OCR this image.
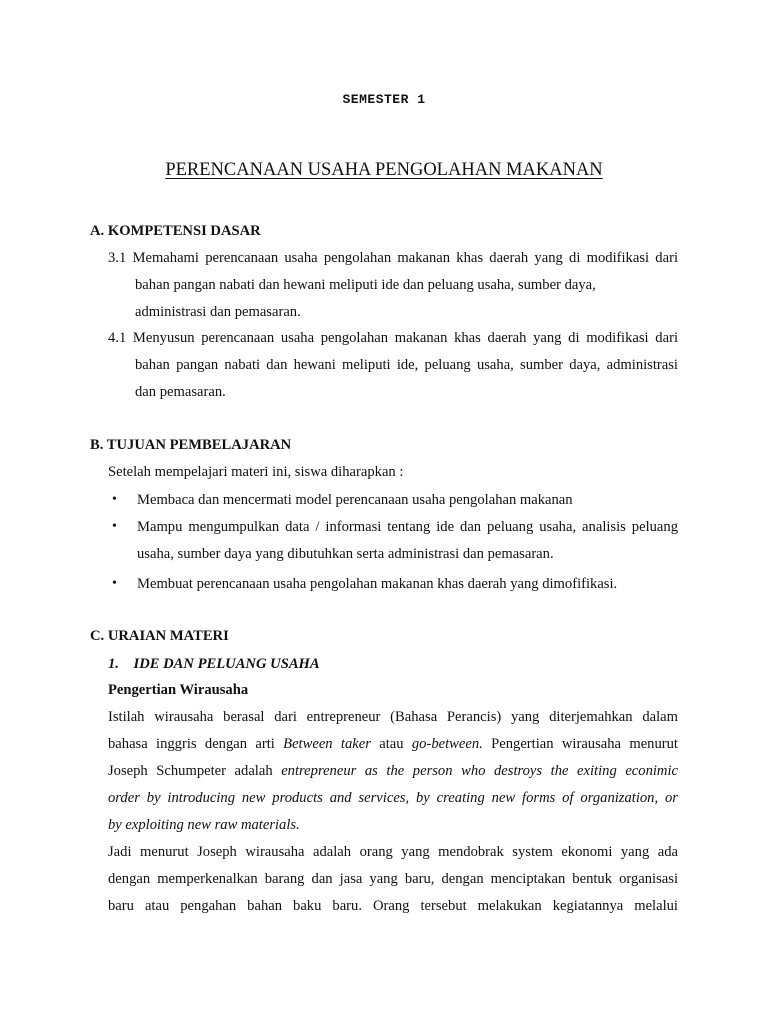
SEMESTER 1
PERENCANAAN USAHA PENGOLAHAN MAKANAN
A. KOMPETENSI DASAR
3.1 Memahami perencanaan usaha pengolahan makanan khas daerah yang di modifikasi dari
bahan pangan nabati dan hewani meliputi ide dan peluang usaha, sumber daya,
administrasi dan pemasaran.
4.1 Menyusun perencanaan usaha pengolahan makanan khas daerah yang di modifikasi dari
bahan pangan nabati dan hewani meliputi ide, peluang usaha, sumber daya, administrasi
dan pemasaran.
B. TUJUAN PEMBELAJARAN
Setelah mempelajari materi ini, siswa diharapkan :
• Membaca dan mencermati model perencanaan usaha pengolahan makanan
• Mampu mengumpulkan data / informasi tentang ide dan peluang usaha, analisis peluang
usaha, sumber daya yang dibutuhkan serta administrasi dan pemasaran.
• Membuat perencanaan usaha pengolahan makanan khas daerah yang dimofifikasi.
C. URAIAN MATERI
1.    IDE DAN PELUANG USAHA
Pengertian Wirausaha
Istilah wirausaha berasal dari entrepreneur (Bahasa Perancis) yang diterjemahkan dalam
bahasa inggris dengan arti Between taker atau go-between. Pengertian wirausaha menurut
Joseph Schumpeter adalah entrepreneur as the person who destroys the exiting econimic
order by introducing new products and services, by creating new forms of organization, or
by exploiting new raw materials.
Jadi menurut Joseph wirausaha adalah orang yang mendobrak system ekonomi yang ada
dengan memperkenalkan barang dan jasa yang baru, dengan menciptakan bentuk organisasi
baru atau pengahan bahan baku baru. Orang tersebut melakukan kegiatannya melalui
